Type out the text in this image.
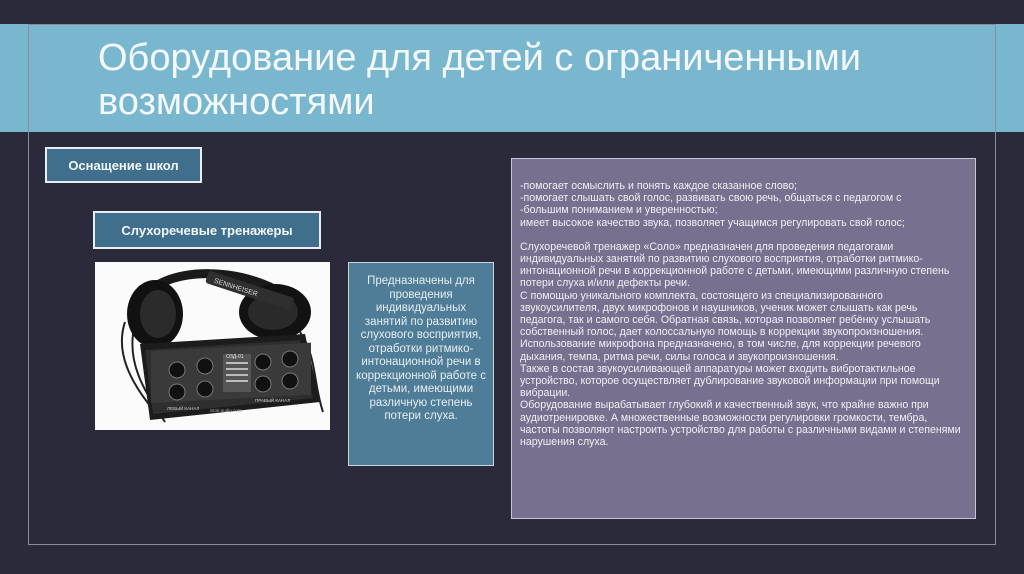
Оборудование для детей с ограниченными возможностями
Оснащение школ
Слухоречевые тренажеры
SENNHEISER
ОЗД-01
ЛЕВЫЙ КАНАЛ
ПРАВЫЙ КАНАЛ
istok-audio.com
Предназначены для проведения индивидуальных занятий по развитию слухового восприятия, отработки ритмико-интонационной речи в коррекционной работе с детьми, имеющими различную степень потери слуха.

-помогает осмыслить и понять каждое сказанное слово;

-помогает слышать свой голос, развивать свою речь, общаться с педагогом с

-большим пониманием и уверенностью;

имеет высокое качество звука, позволяет учащимся регулировать свой голос;

Слухоречевой тренажер «Соло» предназначен для проведения педагогами индивидуальных занятий по развитию слухового восприятия, отработки ритмико-интонационной речи в коррекционной работе с детьми, имеющими различную степень потери слуха и/или дефекты речи.

С помощью уникального комплекта, состоящего из специализированного звукоусилителя, двух микрофонов и наушников, ученик может слышать как речь педагога, так и самого себя. Обратная связь, которая позволяет ребёнку услышать собственный голос, дает колоссальную помощь в коррекции звукопроизношения.

Использование микрофона предназначено, в том числе, для коррекции речевого дыхания, темпа, ритма речи, силы голоса и звукопроизношения.

Также в состав звукоусиливающей аппаратуры может входить вибротактильное устройство, которое осуществляет дублирование звуковой информации при помощи вибрации.

Оборудование вырабатывает глубокий и качественный звук, что крайне важно при аудиотренировке. А множественные возможности регулировки громкости, тембра, частоты позволяют настроить устройство для работы с различными видами и степенями нарушения слуха.
